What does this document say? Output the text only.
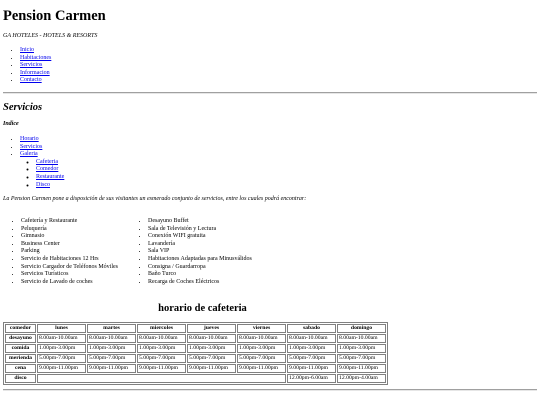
Pension Carmen
GA HOTELES - HOTELS & RESORTS
• Inicio
• Habitaciones
• Servicios
• Informacion
• Contacto
Servicios
Indice
• Horario
• Servicios
• Galeria
◦ Cafeteria
◦ Comedor
◦ Restaurante
◦ Disco
La Pension Carmen pone a disposición de sus visitantes un esmerado conjunto de servicios, entre los cuales podrá encontrar:
• Cafetería y Restaurante
• Peluquería
• Gimnasio
• Business Center
• Parking
• Servicio de Habitaciones 12 Hrs
• Servicio Cargador de Teléfonos Móviles
• Servicios Turísticos
• Servicio de Lavado de coches
• Desayuno Buffet
• Sala de Televisión y Lectura
• Conexión WIFI gratuita
• Lavandería
• Sala VIP
• Habitaciones Adaptadas para Minusválidos
• Consigna / Guardarropa
• Baño Turco
• Recarga de Coches Eléctricos
horario de cafeteria
comedor	lunes	martes	miercoles	jueves	viernes	sabado	domingo
desayuno	8.00am-10.00am	8.00am-10.00am	8.00am-10.00am	8.00am-10.00am	8.00am-10.00am	8.00am-10.00am	8.00am-10.00am
comida	1.00pm-3.00pm	1.00pm-3.00pm	1.00pm-3.00pm	1.00pm-3.00pm	1.00pm-3.00pm	1.00pm-3.00pm	1.00pm-3.00pm
merienda	5.00pm-7.00pm	5.00pm-7.00pm	5.00pm-7.00pm	5.00pm-7.00pm	5.00pm-7.00pm	5.00pm-7.00pm	5.00pm-7.00pm
cena	9.00pm-11.00pm	9.00pm-11.00pm	9.00pm-11.00pm	9.00pm-11.00pm	9.00pm-11.00pm	9.00pm-11.00pm	9.00pm-11.00pm
disco						12.00pm-6.00am	12.00pm-4.00am
